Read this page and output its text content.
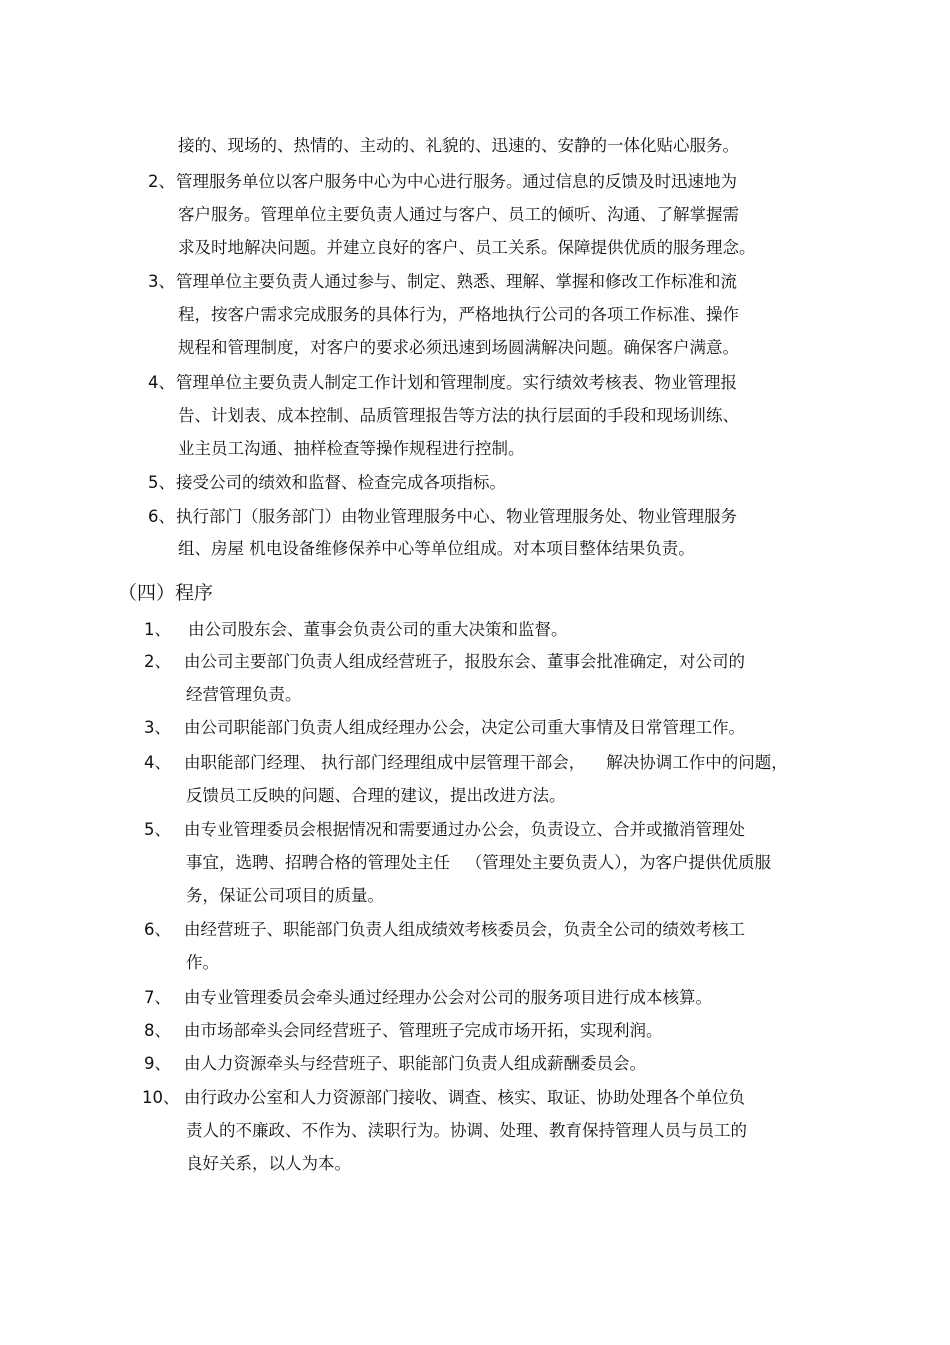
接的、现场的、热情的、主动的、礼貌的、迅速的、安静的一体化贴心服务。

2、 管理服务单位以客户服务中心为中心进行服务。通过信息的反馈及时迅速地为

客户服务。管理单位主要负责人通过与客户、员工的倾听、沟通、了解掌握需

求及时地解决问题。并建立良好的客户、员工关系。保障提供优质的服务理念。

3、 管理单位主要负责人通过参与、制定、熟悉、理解、掌握和修改工作标准和流

程，按客户需求完成服务的具体行为，严格地执行公司的各项工作标准、操作

规程和管理制度，对客户的要求必须迅速到场圆满解决问题。确保客户满意。

4、 管理单位主要负责人制定工作计划和管理制度。实行绩效考核表、物业管理报

告、计划表、成本控制、品质管理报告等方法的执行层面的手段和现场训练、

业主员工沟通、抽样检查等操作规程进行控制。

5、 接受公司的绩效和监督、检查完成各项指标。

6、 执行部门（服务部门）由物业管理服务中心、物业管理服务处、物业管理服务

组、房屋 机电设备维修保养中心等单位组成。对本项目整体结果负责。

（四）程序
1、 由公司股东会、董事会负责公司的重大决策和监督。

2、 由公司主要部门负责人组成经营班子，报股东会、董事会批准确定，对公司的

经营管理负责。

3、 由公司职能部门负责人组成经理办公会，决定公司重大事情及日常管理工作。

4、 由职能部门经理、 执行部门经理组成中层管理干部会，    解决协调工作中的问题，

反馈员工反映的问题、合理的建议，提出改进方法。

5、 由专业管理委员会根据情况和需要通过办公会，负责设立、合并或撤消管理处

事宜，选聘、招聘合格的管理处主任   （管理处主要负责人），为客户提供优质服

务，保证公司项目的质量。

6、 由经营班子、职能部门负责人组成绩效考核委员会，负责全公司的绩效考核工

作。

7、 由专业管理委员会牵头通过经理办公会对公司的服务项目进行成本核算。

8、 由市场部牵头会同经营班子、管理班子完成市场开拓，实现利润。

9、 由人力资源牵头与经营班子、职能部门负责人组成薪酬委员会。

10、 由行政办公室和人力资源部门接收、调查、核实、取证、协助处理各个单位负

责人的不廉政、不作为、渎职行为。协调、处理、教育保持管理人员与员工的

良好关系，以人为本。
